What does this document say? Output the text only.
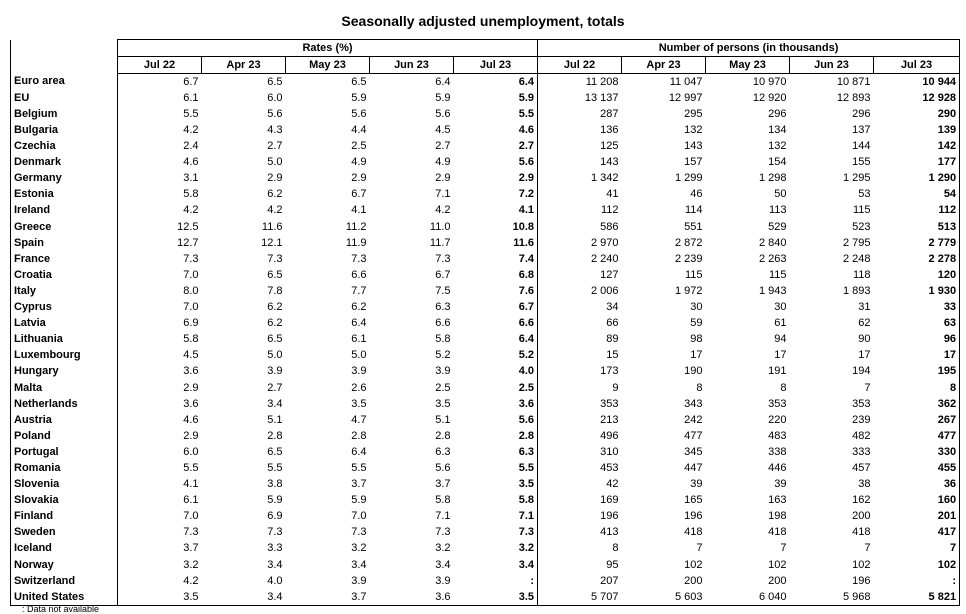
Seasonally adjusted unemployment, totals
	Rates (%)					Number of persons (in thousands)				
	Jul 22	Apr 23	May 23	Jun 23	Jul 23	Jul 22	Apr 23	May 23	Jun 23	Jul 23
Euro area	6.7	6.5	6.5	6.4	6.4	11 208	11 047	10 970	10 871	10 944
EU	6.1	6.0	5.9	5.9	5.9	13 137	12 997	12 920	12 893	12 928
Belgium	5.5	5.6	5.6	5.6	5.5	287	295	296	296	290
Bulgaria	4.2	4.3	4.4	4.5	4.6	136	132	134	137	139
Czechia	2.4	2.7	2.5	2.7	2.7	125	143	132	144	142
Denmark	4.6	5.0	4.9	4.9	5.6	143	157	154	155	177
Germany	3.1	2.9	2.9	2.9	2.9	1 342	1 299	1 298	1 295	1 290
Estonia	5.8	6.2	6.7	7.1	7.2	41	46	50	53	54
Ireland	4.2	4.2	4.1	4.2	4.1	112	114	113	115	112
Greece	12.5	11.6	11.2	11.0	10.8	586	551	529	523	513
Spain	12.7	12.1	11.9	11.7	11.6	2 970	2 872	2 840	2 795	2 779
France	7.3	7.3	7.3	7.3	7.4	2 240	2 239	2 263	2 248	2 278
Croatia	7.0	6.5	6.6	6.7	6.8	127	115	115	118	120
Italy	8.0	7.8	7.7	7.5	7.6	2 006	1 972	1 943	1 893	1 930
Cyprus	7.0	6.2	6.2	6.3	6.7	34	30	30	31	33
Latvia	6.9	6.2	6.4	6.6	6.6	66	59	61	62	63
Lithuania	5.8	6.5	6.1	5.8	6.4	89	98	94	90	96
Luxembourg	4.5	5.0	5.0	5.2	5.2	15	17	17	17	17
Hungary	3.6	3.9	3.9	3.9	4.0	173	190	191	194	195
Malta	2.9	2.7	2.6	2.5	2.5	9	8	8	7	8
Netherlands	3.6	3.4	3.5	3.5	3.6	353	343	353	353	362
Austria	4.6	5.1	4.7	5.1	5.6	213	242	220	239	267
Poland	2.9	2.8	2.8	2.8	2.8	496	477	483	482	477
Portugal	6.0	6.5	6.4	6.3	6.3	310	345	338	333	330
Romania	5.5	5.5	5.5	5.6	5.5	453	447	446	457	455
Slovenia	4.1	3.8	3.7	3.7	3.5	42	39	39	38	36
Slovakia	6.1	5.9	5.9	5.8	5.8	169	165	163	162	160
Finland	7.0	6.9	7.0	7.1	7.1	196	196	198	200	201
Sweden	7.3	7.3	7.3	7.3	7.3	413	418	418	418	417
Iceland	3.7	3.3	3.2	3.2	3.2	8	7	7	7	7
Norway	3.2	3.4	3.4	3.4	3.4	95	102	102	102	102
Switzerland	4.2	4.0	3.9	3.9	:	207	200	200	196	:
United States	3.5	3.4	3.7	3.6	3.5	5 707	5 603	6 040	5 968	5 821
: Data not available
